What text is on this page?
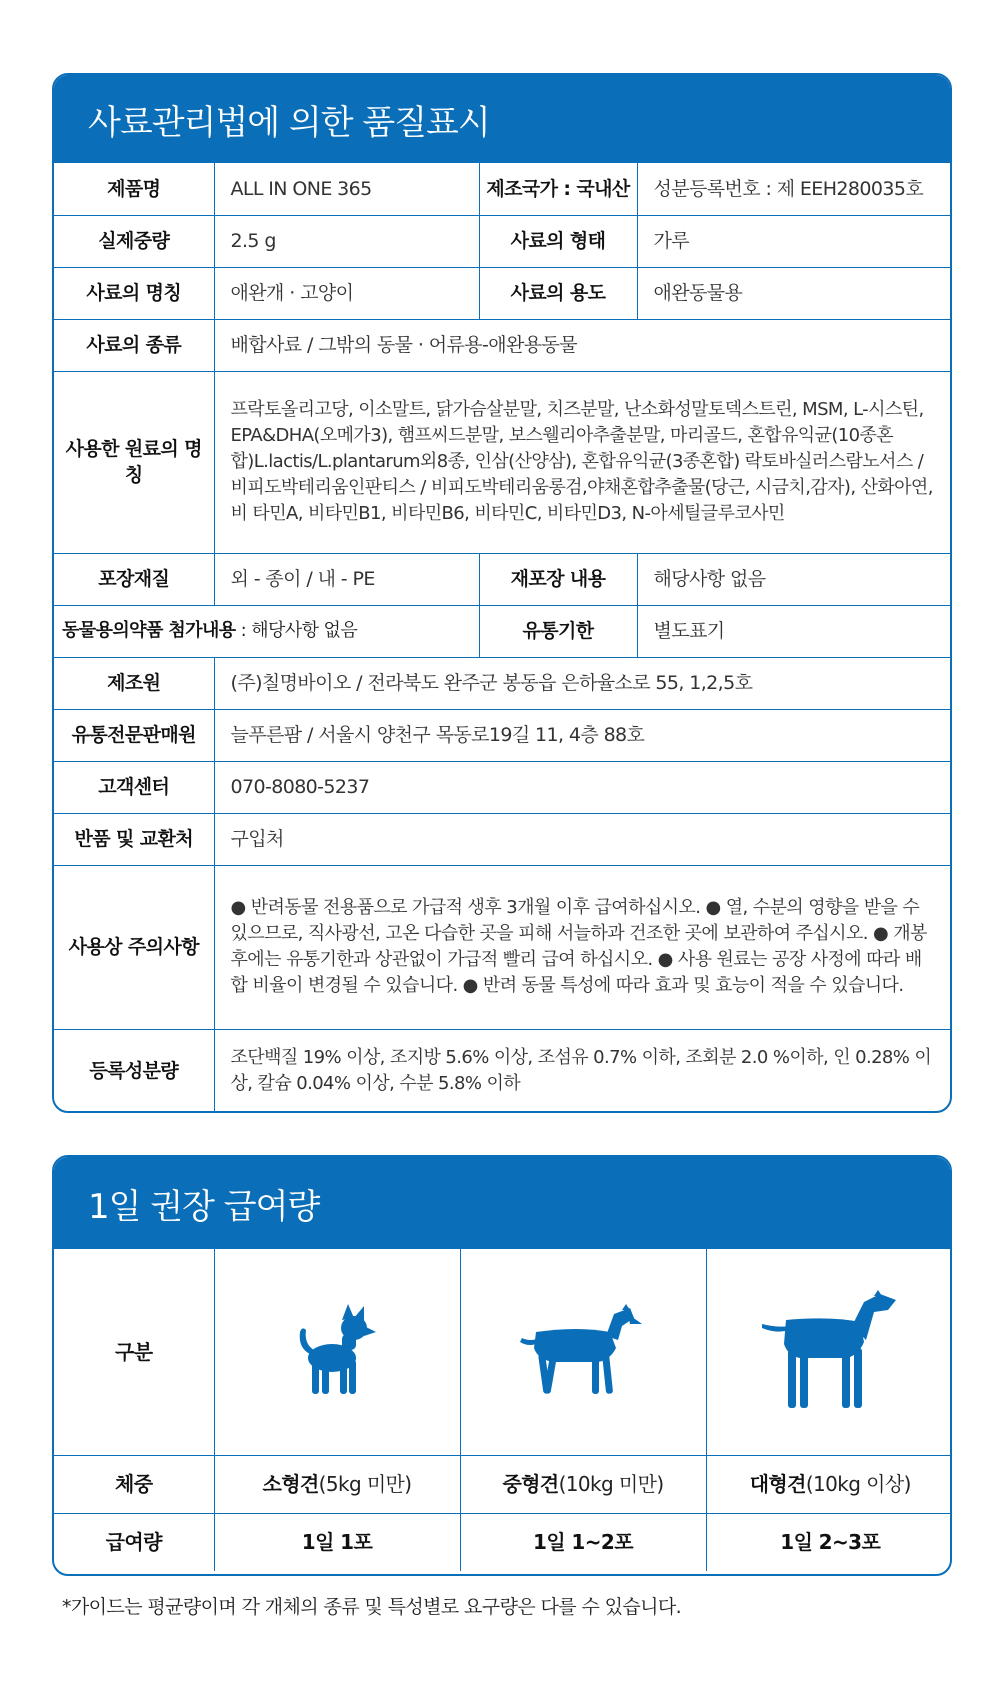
사료관리법에 의한 품질표시
제품명	ALL IN ONE 365	제조국가 : 국내산	성분등록번호 : 제 EEH280035호
실제중량	2.5 g	사료의 형태	가루
사료의 명칭	애완개 · 고양이	사료의 용도	애완동물용
사료의 종류	배합사료 / 그밖의 동물 · 어류용-애완용동물		
사용한 원료의 명칭	프락토올리고당, 이소말트, 닭가슴살분말, 치즈분말, 난소화성말토덱스트린, MSM, L-시스틴, EPA&DHA(오메가3), 햄프씨드분말, 보스웰리아추출분말, 마리골드, 혼합유익균(10종혼합)L.lactis/L.plantarum외8종, 인삼(산양삼), 혼합유익균(3종혼합) 락토바실러스람노서스 / 비피도박테리움인판티스 / 비피도박테리움롱검,야채혼합추출물(당근, 시금치,감자), 산화아연, 비 타민A, 비타민B1, 비타민B6, 비타민C, 비타민D3, N-아세틸글루코사민		
포장재질	외 - 종이 / 내 - PE	재포장 내용	해당사항 없음
동물용의약품 첨가내용 : 해당사항 없음		유통기한	별도표기
제조원	(주)칠명바이오 / 전라북도 완주군 봉동읍 은하율소로 55, 1,2,5호		
유통전문판매원	늘푸른팜 / 서울시 양천구 목동로19길 11, 4층 88호		
고객센터	070-8080-5237		
반품 및 교환처	구입처		
사용상 주의사항	● 반려동물 전용품으로 가급적 생후 3개월 이후 급여하십시오. ● 열, 수분의 영향을 받을 수 있으므로, 직사광선, 고온 다습한 곳을 피해 서늘하과 건조한 곳에 보관하여 주십시오. ● 개봉 후에는 유통기한과 상관없이 가급적 빨리 급여 하십시오. ● 사용 원료는 공장 사정에 따라 배합 비율이 변경될 수 있습니다. ● 반려 동물 특성에 따라 효과 및 효능이 적을 수 있습니다.		
등록성분량	조단백질 19% 이상, 조지방 5.6% 이상, 조섬유 0.7% 이하, 조회분 2.0 %이하, 인 0.28% 이상, 칼슘 0.04% 이상, 수분 5.8% 이하		
1일 권장 급여량
구분	

체중	소형견(5kg 미만)	중형견(10kg 미만)	대형견(10kg 이상)
급여량	1일 1포	1일 1~2포	1일 2~3포
*가이드는 평균량이며 각 개체의 종류 및 특성별로 요구량은 다를 수 있습니다.
